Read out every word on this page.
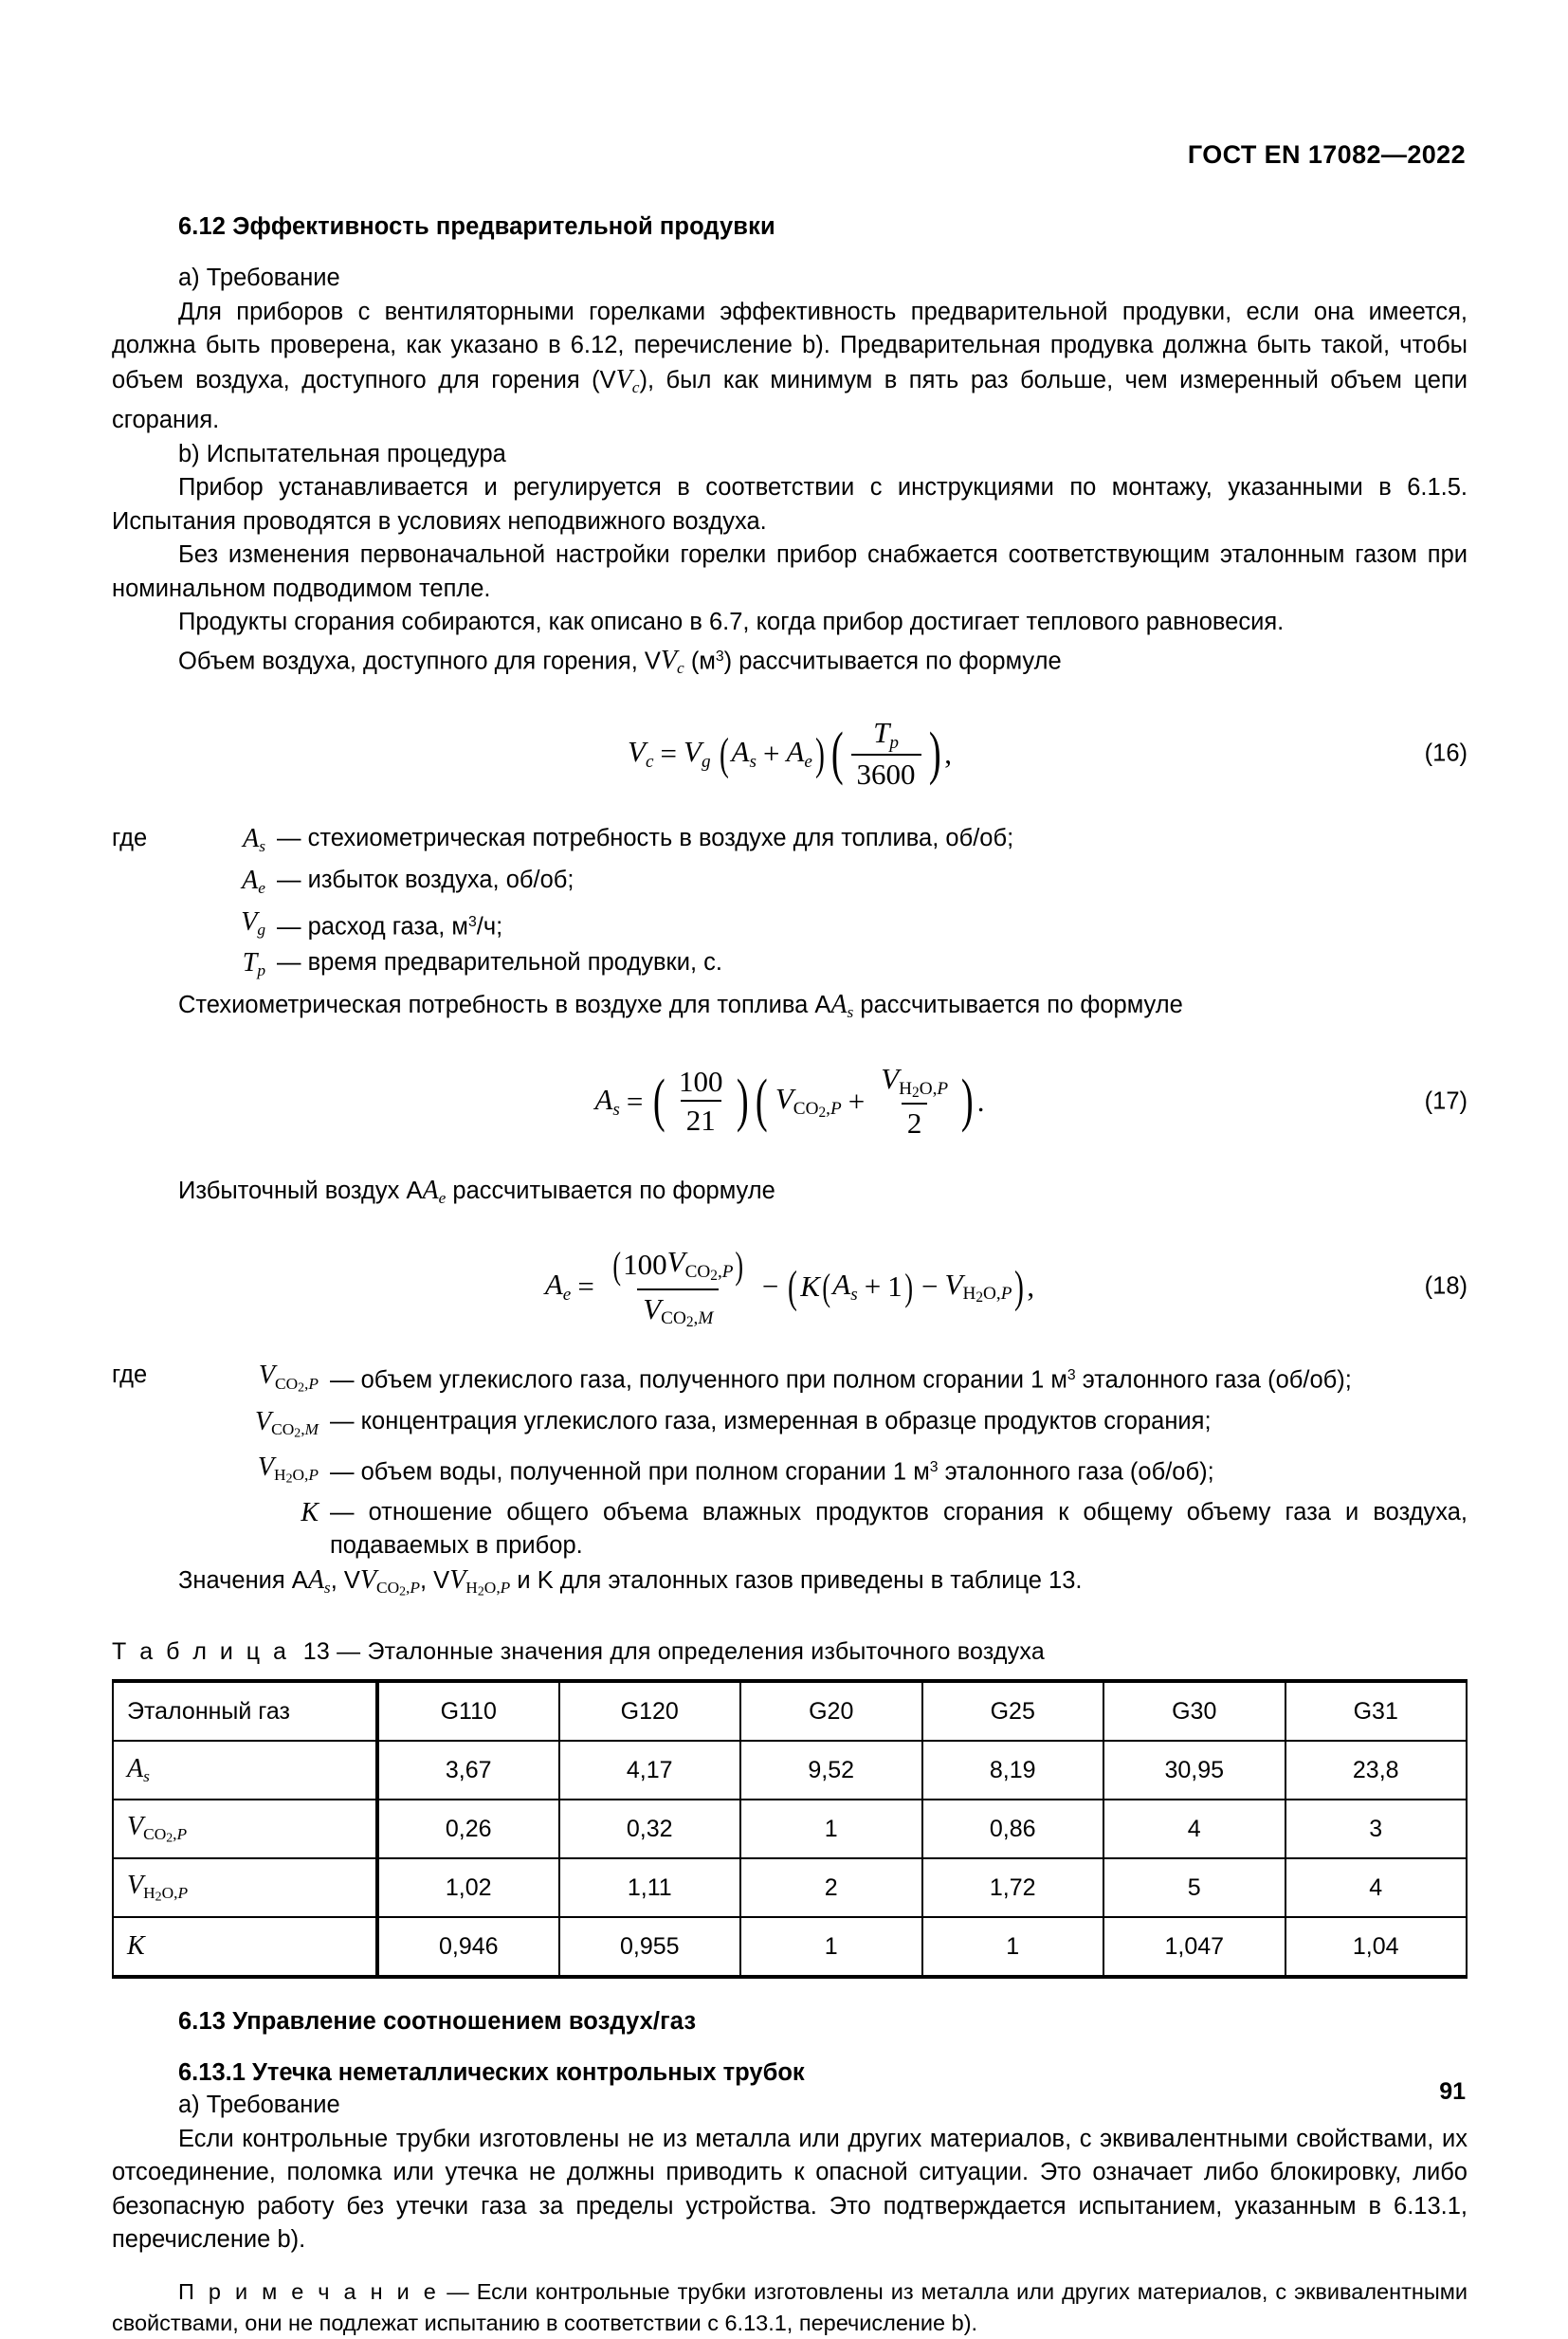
ГОСТ EN 17082—2022
6.12 Эффективность предварительной продувки

a) Требование

Для приборов с вентиляторными горелками эффективность предварительной продувки, если она имеется, должна быть проверена, как указано в 6.12, перечисление b). Предварительная продувка должна быть такой, чтобы объем воздуха, доступного для горения $(VV_c)$, был как минимум в пять раз больше, чем измеренный объем цепи сгорания.

b) Испытательная процедура

Прибор устанавливается и регулируется в соответствии с инструкциями по монтажу, указанными в 6.1.5. Испытания проводятся в условиях неподвижного воздуха.

Без изменения первоначальной настройки горелки прибор снабжается соответствующим эталонным газом при номинальном подводимом тепле.

Продукты сгорания собираются, как описано в 6.7, когда прибор достигает теплового равновесия.

Объем воздуха, доступного для горения, $VV_c$ $(м^3)$ рассчитывается по формуле

$V_c = V_g$ ( $A_s + A_e$ ) ( $\frac{T_p}{3600}$ ) ,	(16)
где	$A_s$ — стехиометрическая потребность в воздухе для топлива, об/об;
$A_e$ — избыток воздуха, об/об;
$V_g$ — расход газа, $м^3/ч$;
$T_p$ — время предварительной продувки, с.

Стехиометрическая потребность в воздухе для топлива $AA_s$ рассчитывается по формуле

$A_s$ = ( $\frac{100}{21}$ ) ( $V_{CO2,P} + \frac{V_{H2O,P}}{2}$ ) .	(17)

Избыточный воздух $AA_e$ рассчитывается по формуле

$A_e = \frac{( 100 V_{CO2,P} )}{V_{CO2,M}}$ − ( K ( $A_s + 1$ ) − $V_{H2O,P}$ ) ,	(18)
где	$V_{CO2,P}$ — объем углекислого газа, полученного при полном сгорании 1 $м^3$ эталонного газа (об/об);
$V_{CO2,M}$ — концентрация углекислого газа, измеренная в образце продуктов сгорания;
$V_{H2O,P}$ — объем воды, полученной при полном сгорании 1 $м^3$ эталонного газа (об/об);
K — отношение общего объема влажных продуктов сгорания к общему объему газа и воздуха, подаваемых в прибор.

Значения $AA_s$, $VV_{CO2,P}$, $VV_{H2O,P}$ и K для эталонных газов приведены в таблице 13.

Т а б л и ц а 13 — Эталонные значения для определения избыточного воздуха

Эталонный газ	G110	G120	G20	G25	G30	G31
$A_s$	3,67	4,17	9,52	8,19	30,95	23,8
$V_{CO2,P}$	0,26	0,32	1	0,86	4	3
$V_{H2O,P}$	1,02	1,11	2	1,72	5	4
K	0,946	0,955	1	1	1,047	1,04
6.13 Управление соотношением воздух/газ
6.13.1 Утечка неметаллических контрольных трубок

a) Требование

Если контрольные трубки изготовлены не из металла или других материалов, с эквивалентными свойствами, их отсоединение, поломка или утечка не должны приводить к опасной ситуации. Это означает либо блокировку, либо безопасную работу без утечки газа за пределы устройства. Это подтверждается испытанием, указанным в 6.13.1, перечисление b).

П р и м е ч а н и е — Если контрольные трубки изготовлены из металла или других материалов, с эквивалентными свойствами, они не подлежат испытанию в соответствии с 6.13.1, перечисление b).

91
